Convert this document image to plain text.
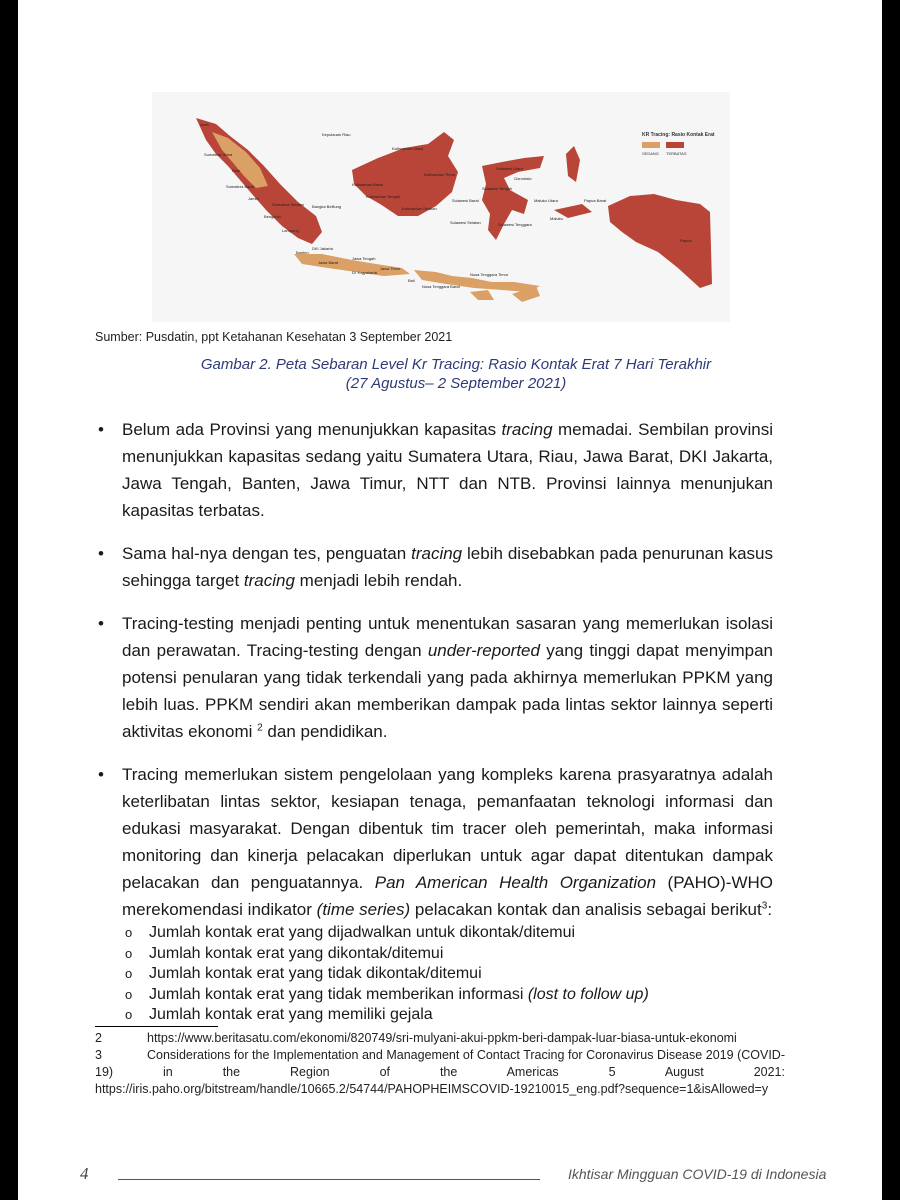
KR Tracing: Rasio Kontak Erat
SEDANG TERBATAS
Kepulauan Riau
Kalimantan Utara
Sumatera Utara
Riau
Sumatera Barat
Jambi
Bengkulu
Sumatera Selatan
Lampung
Bangka Belitung
Kalimantan Barat
Kalimantan Timur
Kalimantan Tengah
Kalimantan Selatan
Sulawesi Utara
Sulawesi Tengah
Sulawesi Barat
Sulawesi Selatan	Sulawesi Tenggara
Maluku Utara
Maluku
Papua Barat
Papua
Banten
DKI Jakarta
Jawa Barat
Jawa Tengah
DI Yogyakarta
Jawa Timur
Bali
Nusa Tenggara Barat
Nusa Tenggara Timur
Aceh
Gorontalo
Sumber: Pusdatin, ppt Ketahanan Kesehatan 3 September 2021
Gambar 2. Peta Sebaran Level Kr Tracing: Rasio Kontak Erat 7 Hari Terakhir
(27 Agustus– 2 September 2021)
• Belum ada Provinsi yang menunjukkan kapasitas tracing memadai. Sembilan provinsi menunjukkan kapasitas sedang yaitu Sumatera Utara, Riau, Jawa Barat, DKI Jakarta, Jawa Tengah, Banten, Jawa Timur, NTT dan NTB. Provinsi lainnya menunjukan kapasitas terbatas.
• Sama hal-nya dengan tes, penguatan tracing lebih disebabkan pada penurunan kasus sehingga target tracing menjadi lebih rendah.
• Tracing-testing menjadi penting untuk menentukan sasaran yang memerlukan isolasi dan perawatan. Tracing-testing dengan under-reported yang tinggi dapat menyimpan potensi penularan yang tidak terkendali yang pada akhirnya memerlukan PPKM yang lebih luas. PPKM sendiri akan memberikan dampak pada lintas sektor lainnya seperti aktivitas ekonomi $^2$ dan pendidikan.
• Tracing memerlukan sistem pengelolaan yang kompleks karena prasyaratnya adalah keterlibatan lintas sektor, kesiapan tenaga, pemanfaatan teknologi informasi dan edukasi masyarakat. Dengan dibentuk tim tracer oleh pemerintah, maka informasi monitoring dan kinerja pelacakan diperlukan untuk agar dapat ditentukan dampak pelacakan dan penguatannya. Pan American Health Organization (PAHO)-WHO merekomendasi indikator (time series) pelacakan kontak dan analisis sebagai berikut$^3$:
o Jumlah kontak erat yang dijadwalkan untuk dikontak/ditemui
o Jumlah kontak erat yang dikontak/ditemui
o Jumlah kontak erat yang tidak dikontak/ditemui
o Jumlah kontak erat yang tidak memberikan informasi (lost to follow up)
o Jumlah kontak erat yang memiliki gejala

2	https://www.beritasatu.com/ekonomi/820749/sri-mulyani-akui-ppkm-beri-dampak-luar-biasa-untuk-ekonomi

3	Considerations for the Implementation and Management of Contact Tracing for Coronavirus Disease 2019 (COVID-19) in the Region of the Americas 5 August 2021: https://iris.paho.org/bitstream/handle/10665.2/54744/PAHOPHEIMSCOVID-19210015_eng.pdf?sequence=1&isAllowed=y

4	Ikhtisar Mingguan COVID-19 di Indonesia
